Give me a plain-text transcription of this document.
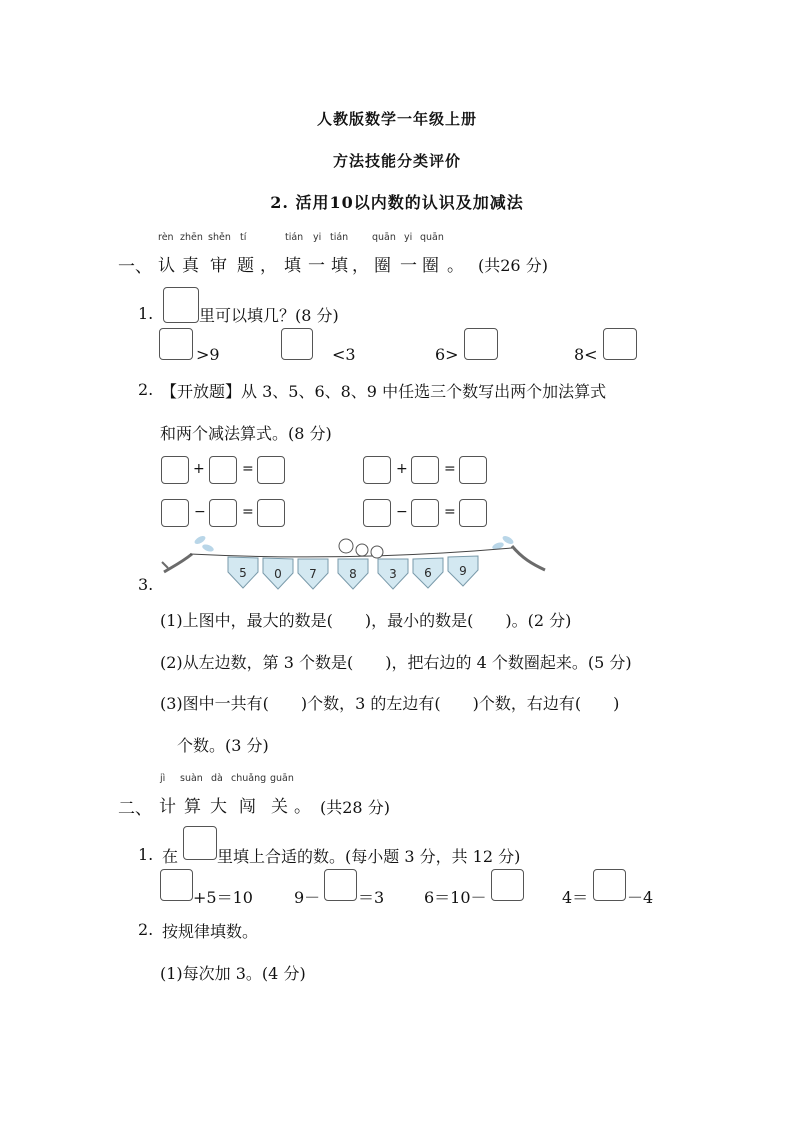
人教版数学一年级上册
方法技能分类评价
2. 活用10以内数的认识及加减法
rèn zhēn shěn tí	tián yi tián	quān yi quān
一、 认 真 审 题 ， 填 一 填 ， 圈 一 圈 。 (共26 分)
1.	里可以填几？(8 分)
>9	<3	6>	8<
2. 【开放题】从 3、5、6、8、9 中任选三个数写出两个加法算式
和两个减法算式。(8 分)
+	=	+	=
−	=	−	=
5 0 7	8	3 6 9
3.
(1)上图中，最大的数是(　　)，最小的数是(　　)。(2 分)
(2)从左边数，第 3 个数是(　　)，把右边的 4 个数圈起来。(5 分)
(3)图中一共有(　　)个数，3 的左边有(　　)个数，右边有(　　)
个数。(3 分)
jì suàn dà chuǎng guān
二、 计 算 大 闯 关 。 (共28 分)
1. 在 里填上合适的数。(每小题 3 分，共 12 分)
+5＝10	9－ ＝3 6＝10－	4＝ －4
2. 按规律填数。
(1)每次加 3。(4 分)
